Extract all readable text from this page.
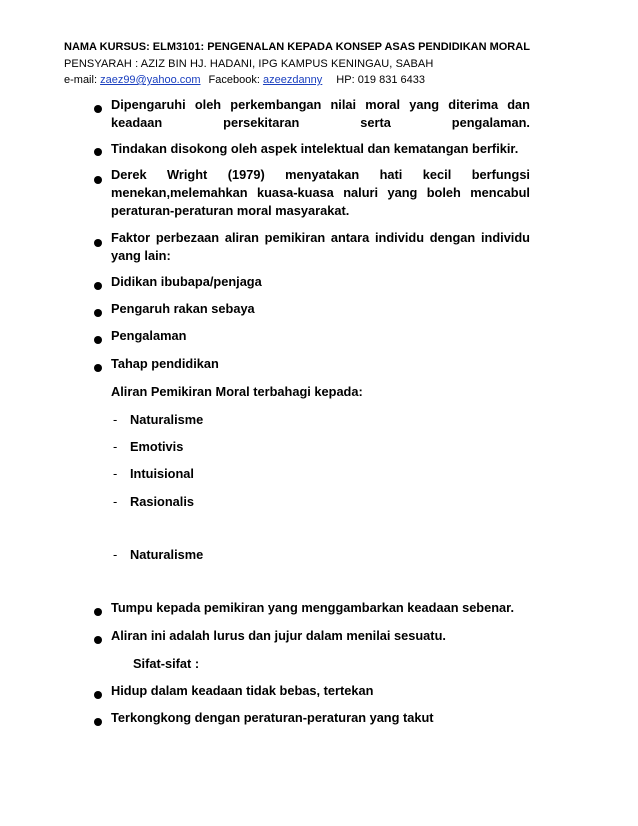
NAMA KURSUS: ELM3101: PENGENALAN KEPADA KONSEP ASAS PENDIDIKAN MORAL
PENSYARAH : AZIZ BIN HJ. HADANI, IPG KAMPUS KENINGAU, SABAH
e-mail: zaez99@yahoo.com Facebook: azeezdanny HP: 019 831 6433
Dipengaruhi oleh perkembangan nilai moral yang diterima dan keadaan persekitaran serta pengalaman.
Tindakan disokong oleh aspek intelektual dan kematangan berfikir.
Derek Wright (1979) menyatakan hati kecil berfungsi menekan,melemahkan kuasa-kuasa naluri yang boleh mencabul peraturan-peraturan moral masyarakat.
Faktor perbezaan aliran pemikiran antara individu dengan individu yang lain:
Didikan ibubapa/penjaga
Pengaruh rakan sebaya
Pengalaman
Tahap pendidikan
Aliran Pemikiran Moral terbahagi kepada:
- Naturalisme
- Emotivis
- Intuisional
- Rasionalis
- Naturalisme
Tumpu kepada pemikiran yang menggambarkan keadaan sebenar.
Aliran ini adalah lurus dan jujur dalam menilai sesuatu.
Sifat-sifat :
Hidup dalam keadaan tidak bebas, tertekan
Terkongkong dengan peraturan-peraturan yang takut
